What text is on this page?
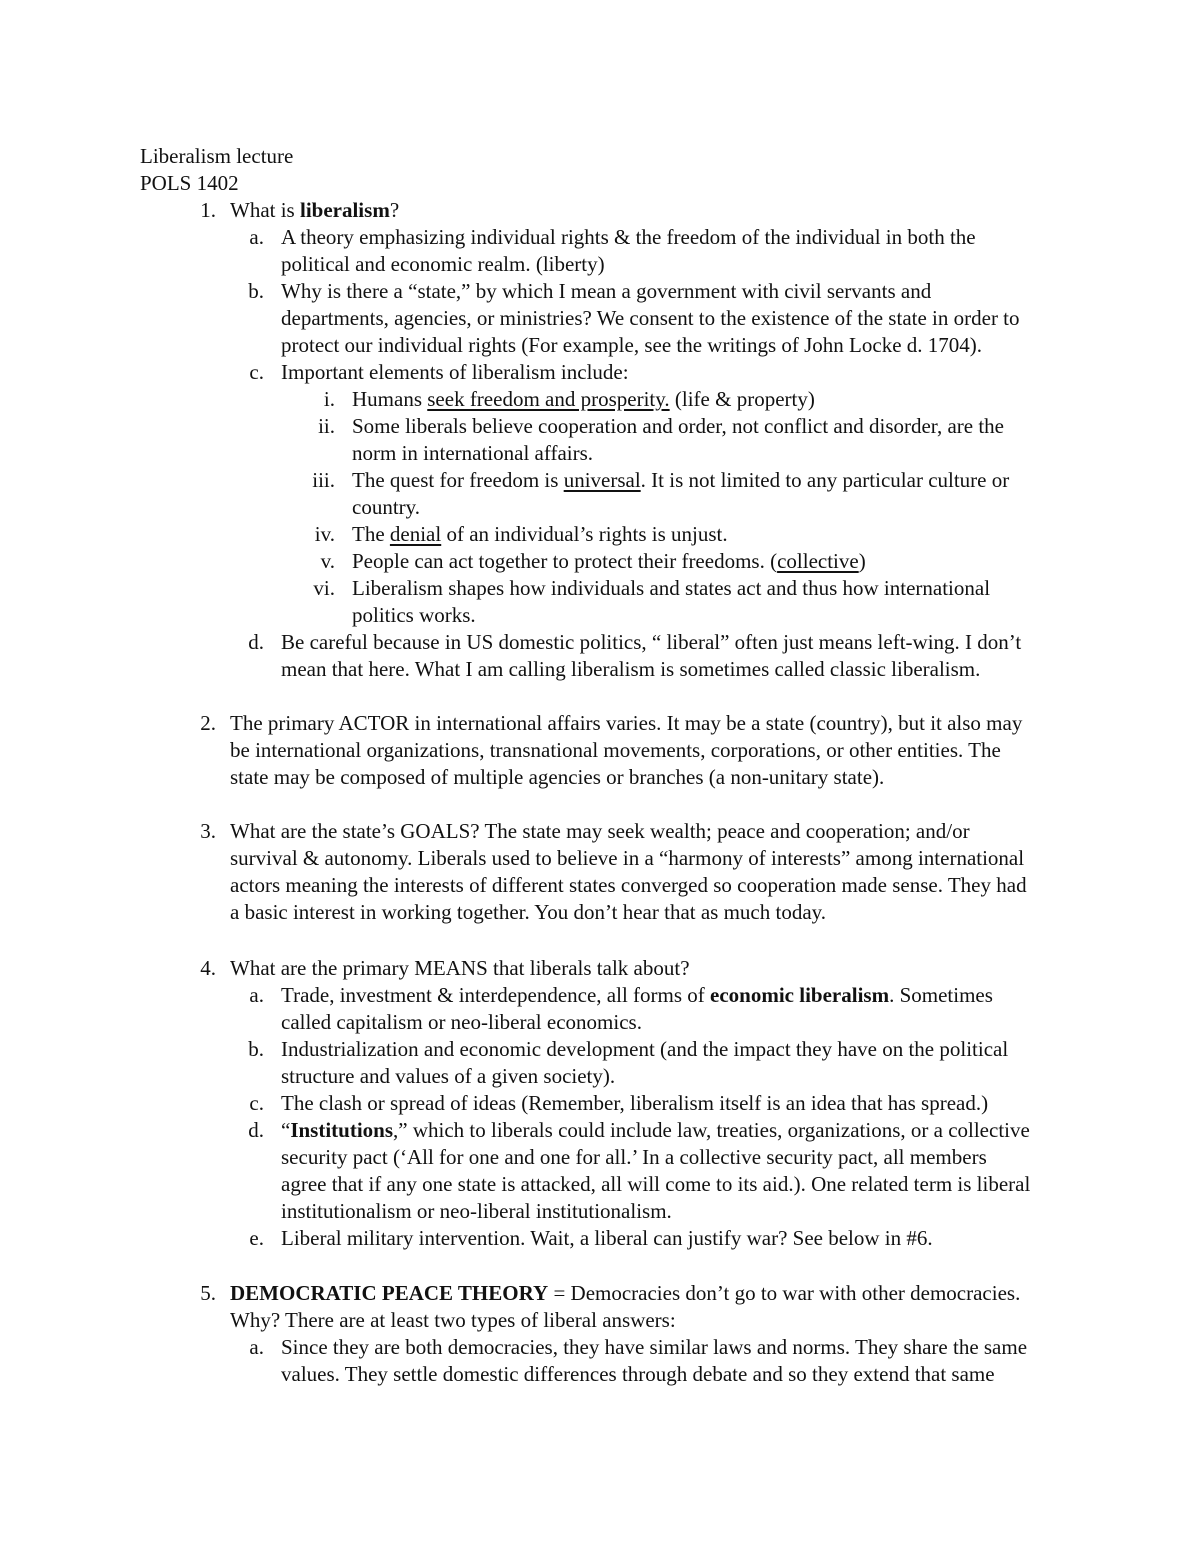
Liberalism lecture
POLS 1402
1. What is liberalism?
a. A theory emphasizing individual rights & the freedom of the individual in both the
political and economic realm. (liberty)
b. Why is there a “state,” by which I mean a government with civil servants and
departments, agencies, or ministries? We consent to the existence of the state in order to
protect our individual rights (For example, see the writings of John Locke d. 1704).
c. Important elements of liberalism include:
i. Humans seek freedom and prosperity. (life & property)
ii. Some liberals believe cooperation and order, not conflict and disorder, are the
norm in international affairs.
iii. The quest for freedom is universal. It is not limited to any particular culture or
country.
iv. The denial of an individual’s rights is unjust.
v. People can act together to protect their freedoms. (collective)
vi. Liberalism shapes how individuals and states act and thus how international
politics works.
d. Be careful because in US domestic politics, “ liberal” often just means left-wing. I don’t
mean that here. What I am calling liberalism is sometimes called classic liberalism.
2. The primary ACTOR in international affairs varies. It may be a state (country), but it also may
be international organizations, transnational movements, corporations, or other entities. The
state may be composed of multiple agencies or branches (a non-unitary state).
3. What are the state’s GOALS? The state may seek wealth; peace and cooperation; and/or
survival & autonomy. Liberals used to believe in a “harmony of interests” among international
actors meaning the interests of different states converged so cooperation made sense. They had
a basic interest in working together. You don’t hear that as much today.
4. What are the primary MEANS that liberals talk about?
a. Trade, investment & interdependence, all forms of economic liberalism. Sometimes
called capitalism or neo-liberal economics.
b. Industrialization and economic development (and the impact they have on the political
structure and values of a given society).
c. The clash or spread of ideas (Remember, liberalism itself is an idea that has spread.)
d. “Institutions,” which to liberals could include law, treaties, organizations, or a collective
security pact (‘All for one and one for all.’ In a collective security pact, all members
agree that if any one state is attacked, all will come to its aid.). One related term is liberal
institutionalism or neo-liberal institutionalism.
e. Liberal military intervention. Wait, a liberal can justify war? See below in #6.
5. DEMOCRATIC PEACE THEORY = Democracies don’t go to war with other democracies.
Why? There are at least two types of liberal answers:
a. Since they are both democracies, they have similar laws and norms. They share the same
values. They settle domestic differences through debate and so they extend that same
